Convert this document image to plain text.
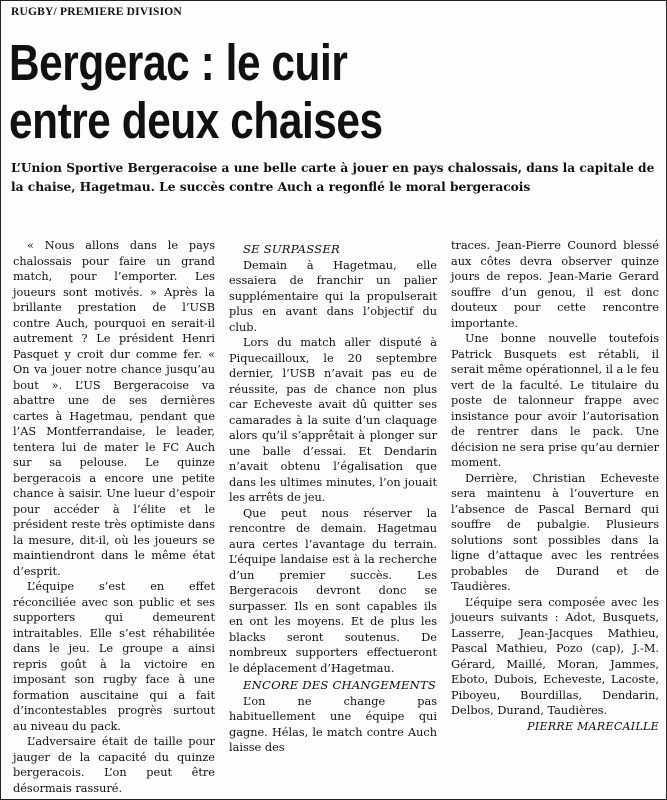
RUGBY/ PREMIERE DIVISION
Bergerac : le cuir
entre deux chaises

L’Union Sportive Bergeracoise a une belle carte à jouer en pays chalossais, dans la capitale de la chaise, Hagetmau. Le succès contre Auch a regonflé le moral bergeracois

« Nous allons dans le pays chalossais pour faire un grand match, pour l’emporter. Les joueurs sont motivés. » Après la brillante prestation de l’USB contre Auch, pourquoi en serait-il autrement ? Le président Henri Pasquet y croit dur comme fer. « On va jouer notre chance jusqu’au bout ». L’US Bergeracoise va abattre une de ses dernières cartes à Hagetmau, pendant que l’AS Montferrandaise, le leader, tentera lui de mater le FC Auch sur sa pelouse. Le quinze bergeracois a encore une petite chance à saisir. Une lueur d’espoir pour accéder à l’élite et le président reste très optimiste dans la mesure, dit-il, où les joueurs se maintiendront dans le même état d’esprit.

L’équipe s’est en effet réconciliée avec son public et ses supporters qui demeurent intraitables. Elle s’est réhabilitée dans le jeu. Le groupe a ainsi repris goût à la victoire en imposant son rugby face à une formation auscitaine qui a fait d’incontestables progrès surtout au niveau du pack.

L’adversaire était de taille pour jauger de la capacité du quinze bergeracois. L’on peut être désormais rassuré.

SE SURPASSER

Demain à Hagetmau, elle essaiera de franchir un palier supplémentaire qui la propulserait plus en avant dans l’objectif du club.

Lors du match aller disputé à Piquecailloux, le 20 septembre dernier, l’USB n’avait pas eu de réussite, pas de chance non plus car Echeveste avait dû quitter ses camarades à la suite d’un claquage alors qu’il s’apprêtait à plonger sur une balle d’essai. Et Dendarin n’avait obtenu l’égalisation que dans les ultimes minutes, l’on jouait les arrêts de jeu.

Que peut nous réserver la rencontre de demain. Hagetmau aura certes l’avantage du terrain. L’équipe landaise est à la recherche d’un premier succès. Les Bergeracois devront donc se surpasser. Ils en sont capables ils en ont les moyens. Et de plus les blacks seront soutenus. De nombreux supporters effectueront le déplacement d’Hagetmau.

ENCORE DES CHANGEMENTS

L’on ne change pas habituellement une équipe qui gagne. Hélas, le match contre Auch laisse des

traces. Jean-Pierre Counord blessé aux côtes devra observer quinze jours de repos. Jean-Marie Gerard souffre d’un genou, il est donc douteux pour cette rencontre importante.

Une bonne nouvelle toutefois Patrick Busquets est rétabli, il serait même opérationnel, il a le feu vert de la faculté. Le titulaire du poste de talonneur frappe avec insistance pour avoir l’autorisation de rentrer dans le pack. Une décision ne sera prise qu’au dernier moment.

Derrière, Christian Echeveste sera maintenu à l’ouverture en l’absence de Pascal Bernard qui souffre de pubalgie. Plusieurs solutions sont possibles dans la ligne d’attaque avec les rentrées probables de Durand et de Taudières.

L’équipe sera composée avec les joueurs suivants : Adot, Busquets, Lasserre, Jean-Jacques Mathieu, Pascal Mathieu, Pozo (cap), J.-M. Gérard, Maillé, Moran, Jammes, Eboto, Dubois, Echeveste, Lacoste, Piboyeu, Bourdillas, Dendarin, Delbos, Durand, Taudières.

PIERRE MARECAILLE
